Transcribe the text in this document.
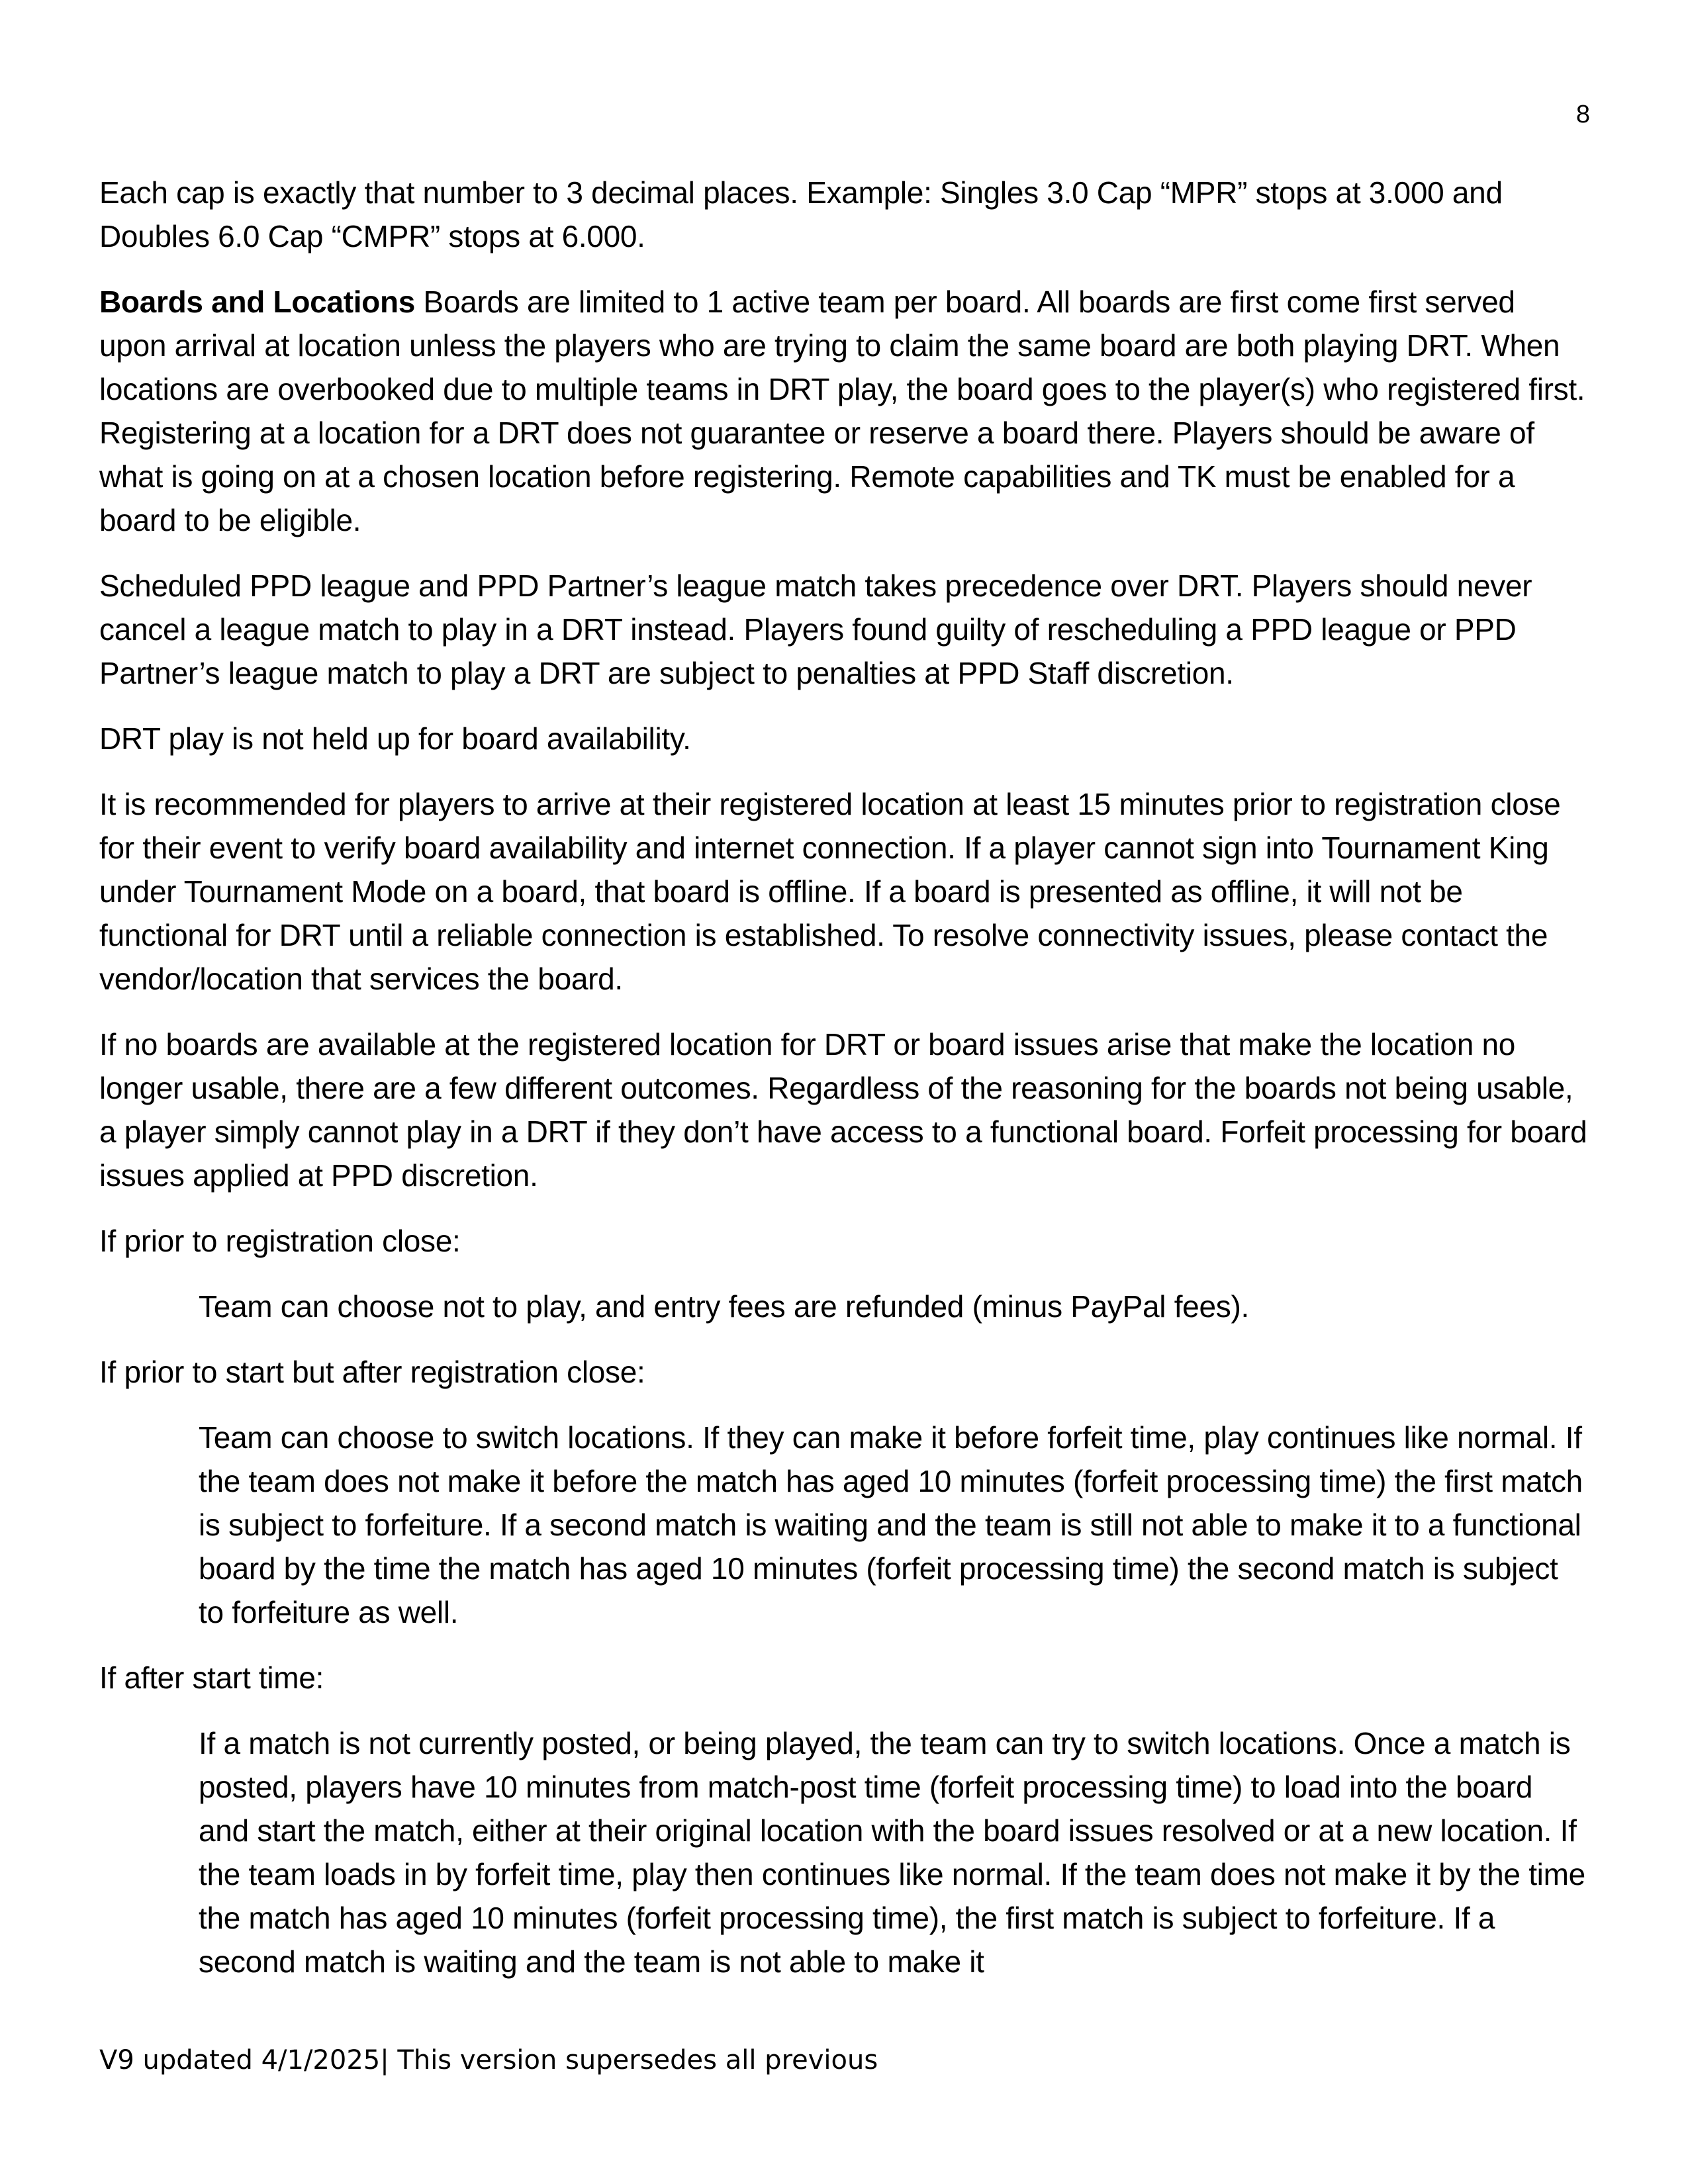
8

Each cap is exactly that number to 3 decimal places. Example: Singles 3.0 Cap “MPR” stops at 3.000 and Doubles 6.0 Cap “CMPR” stops at 6.000.

Boards and Locations Boards are limited to 1 active team per board. All boards are first come first served upon arrival at location unless the players who are trying to claim the same board are both playing DRT. When locations are overbooked due to multiple teams in DRT play, the board goes to the player(s) who registered first. Registering at a location for a DRT does not guarantee or reserve a board there. Players should be aware of what is going on at a chosen location before registering. Remote capabilities and TK must be enabled for a board to be eligible.

Scheduled PPD league and PPD Partner’s league match takes precedence over DRT. Players should never cancel a league match to play in a DRT instead. Players found guilty of rescheduling a PPD league or PPD Partner’s league match to play a DRT are subject to penalties at PPD Staff discretion.

DRT play is not held up for board availability.

It is recommended for players to arrive at their registered location at least 15 minutes prior to registration close for their event to verify board availability and internet connection. If a player cannot sign into Tournament King under Tournament Mode on a board, that board is offline. If a board is presented as offline, it will not be functional for DRT until a reliable connection is established. To resolve connectivity issues, please contact the vendor/location that services the board.

If no boards are available at the registered location for DRT or board issues arise that make the location no longer usable, there are a few different outcomes. Regardless of the reasoning for the boards not being usable, a player simply cannot play in a DRT if they don’t have access to a functional board. Forfeit processing for board issues applied at PPD discretion.

If prior to registration close:

Team can choose not to play, and entry fees are refunded (minus PayPal fees).

If prior to start but after registration close:

Team can choose to switch locations. If they can make it before forfeit time, play continues like normal. If the team does not make it before the match has aged 10 minutes (forfeit processing time) the first match is subject to forfeiture. If a second match is waiting and the team is still not able to make it to a functional board by the time the match has aged 10 minutes (forfeit processing time) the second match is subject to forfeiture as well.

If after start time:

If a match is not currently posted, or being played, the team can try to switch locations. Once a match is posted, players have 10 minutes from match-post time (forfeit processing time) to load into the board and start the match, either at their original location with the board issues resolved or at a new location. If the team loads in by forfeit time, play then continues like normal. If the team does not make it by the time the match has aged 10 minutes (forfeit processing time), the first match is subject to forfeiture. If a second match is waiting and the team is not able to make it

V9 updated 4/1/2025| This version supersedes all previous
